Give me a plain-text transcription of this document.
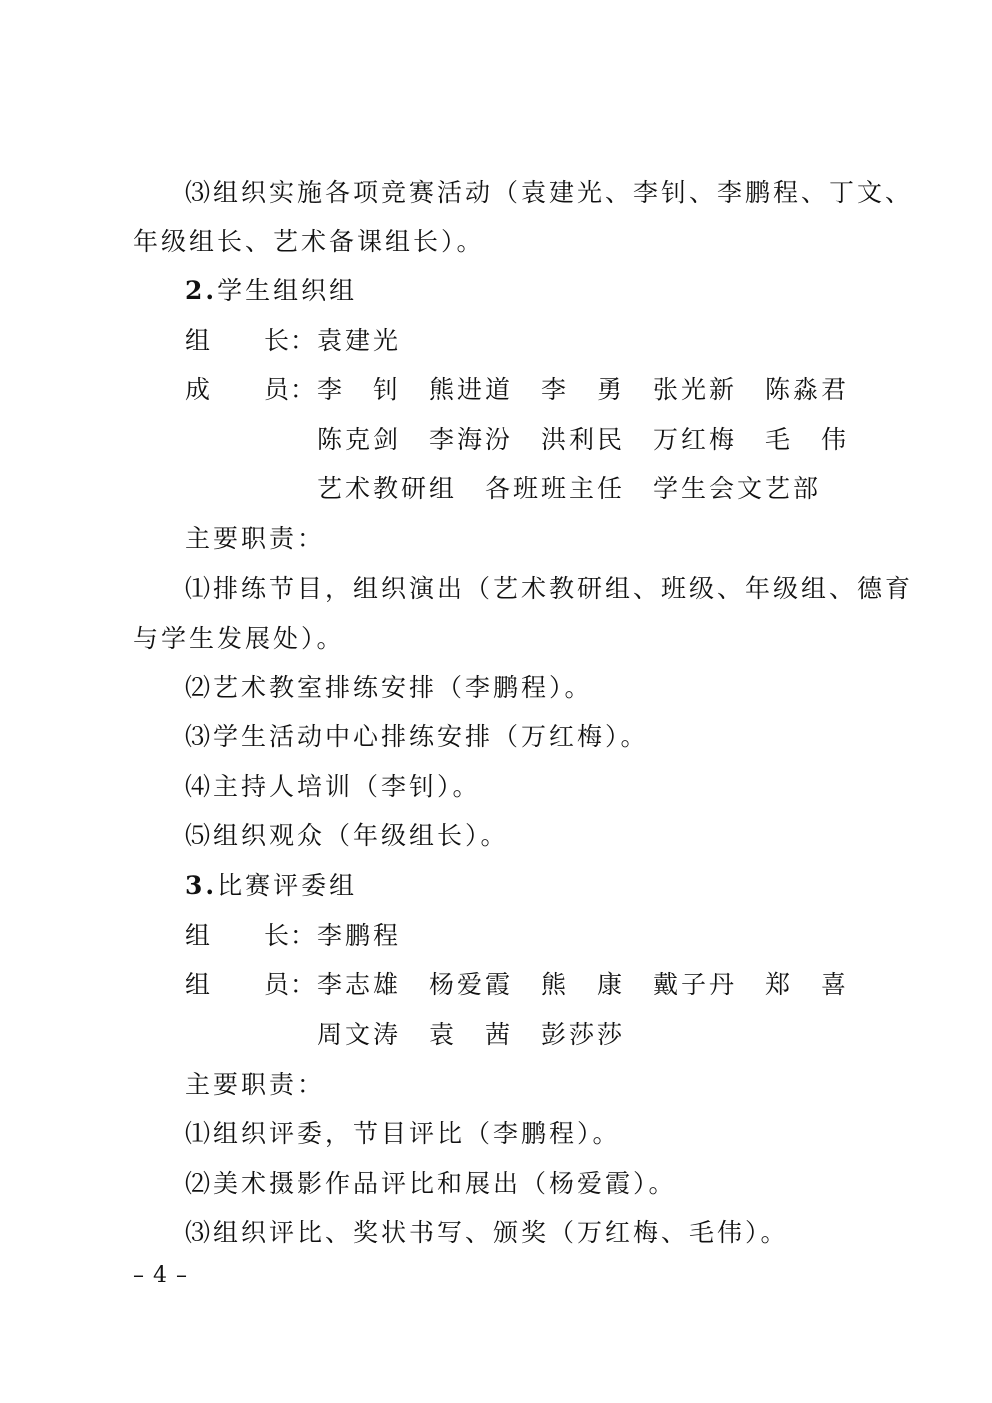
⑶组织实施各项竞赛活动（袁建光、李钊、李鹏程、丁文、
年级组长、艺术备课组长）。
2.学生组织组
组 长 ： 袁建光
成 员 ： 李　钊　熊进道　李　勇　张光新　陈淼君
陈克剑　李海汾　洪利民　万红梅　毛　伟
艺术教研组　各班班主任　学生会文艺部
主要职责：
⑴排练节目，组织演出（艺术教研组、班级、年级组、德育
与学生发展处）。
⑵艺术教室排练安排（李鹏程）。
⑶学生活动中心排练安排（万红梅）。
⑷主持人培训（李钊）。
⑸组织观众（年级组长）。
3.比赛评委组
组 长 ： 李鹏程
组 员 ： 李志雄　杨爱霞　熊　康　戴子丹　郑　喜
周文涛　袁　茜　彭莎莎
主要职责：
⑴组织评委，节目评比（李鹏程）。
⑵美术摄影作品评比和展出（杨爱霞）。
⑶组织评比、奖状书写、颁奖（万红梅、毛伟）。
– 4 –
